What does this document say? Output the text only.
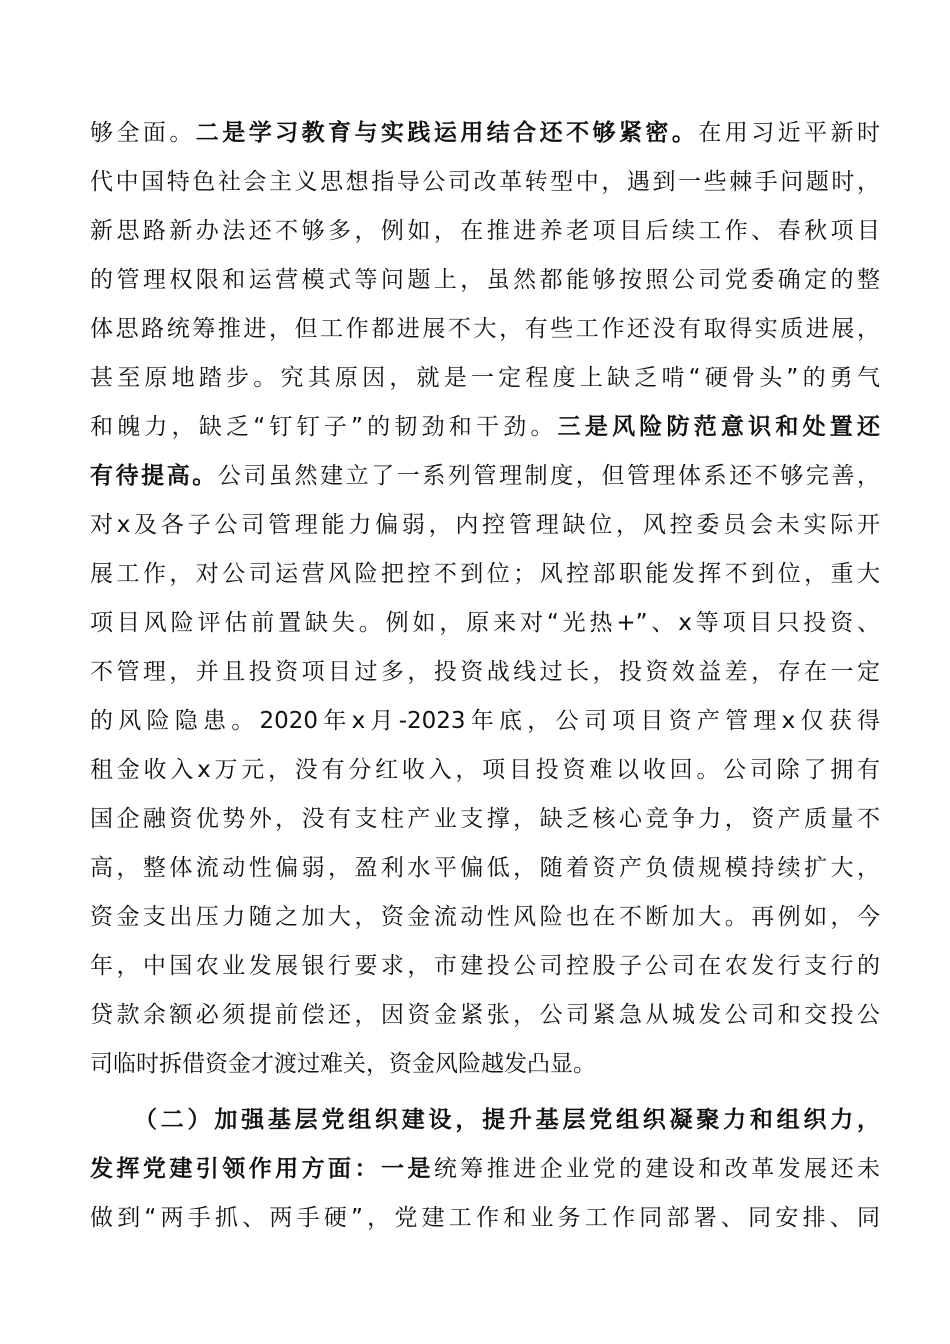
够全面。二是学习教育与实践运用结合还不够紧密。在用习近平新时
代中国特色社会主义思想指导公司改革转型中，遇到一些棘手问题时，
新思路新办法还不够多，例如，在推进养老项目后续工作、春秋项目
的管理权限和运营模式等问题上，虽然都能够按照公司党委确定的整
体思路统筹推进，但工作都进展不大，有些工作还没有取得实质进展，
甚至原地踏步。究其原因，就是一定程度上缺乏啃“硬骨头”的勇气
和魄力，缺乏“钉钉子”的韧劲和干劲。三是风险防范意识和处置还
有待提高。公司虽然建立了一系列管理制度，但管理体系还不够完善，
对x及各子公司管理能力偏弱，内控管理缺位，风控委员会未实际开
展工作，对公司运营风险把控不到位；风控部职能发挥不到位，重大
项目风险评估前置缺失。例如，原来对“光热+”、x等项目只投资、
不管理，并且投资项目过多，投资战线过长，投资效益差，存在一定
的风险隐患。2020年x月-2023年底，公司项目资产管理x仅获得
租金收入x万元，没有分红收入，项目投资难以收回。公司除了拥有
国企融资优势外，没有支柱产业支撑，缺乏核心竞争力，资产质量不
高，整体流动性偏弱，盈利水平偏低，随着资产负债规模持续扩大，
资金支出压力随之加大，资金流动性风险也在不断加大。再例如，今
年，中国农业发展银行要求，市建投公司控股子公司在农发行支行的
贷款余额必须提前偿还，因资金紧张，公司紧急从城发公司和交投公
司临时拆借资金才渡过难关，资金风险越发凸显。
（二）加强基层党组织建设，提升基层党组织凝聚力和组织力，
发挥党建引领作用方面：一是统筹推进企业党的建设和改革发展还未
做到“两手抓、两手硬”，党建工作和业务工作同部署、同安排、同
